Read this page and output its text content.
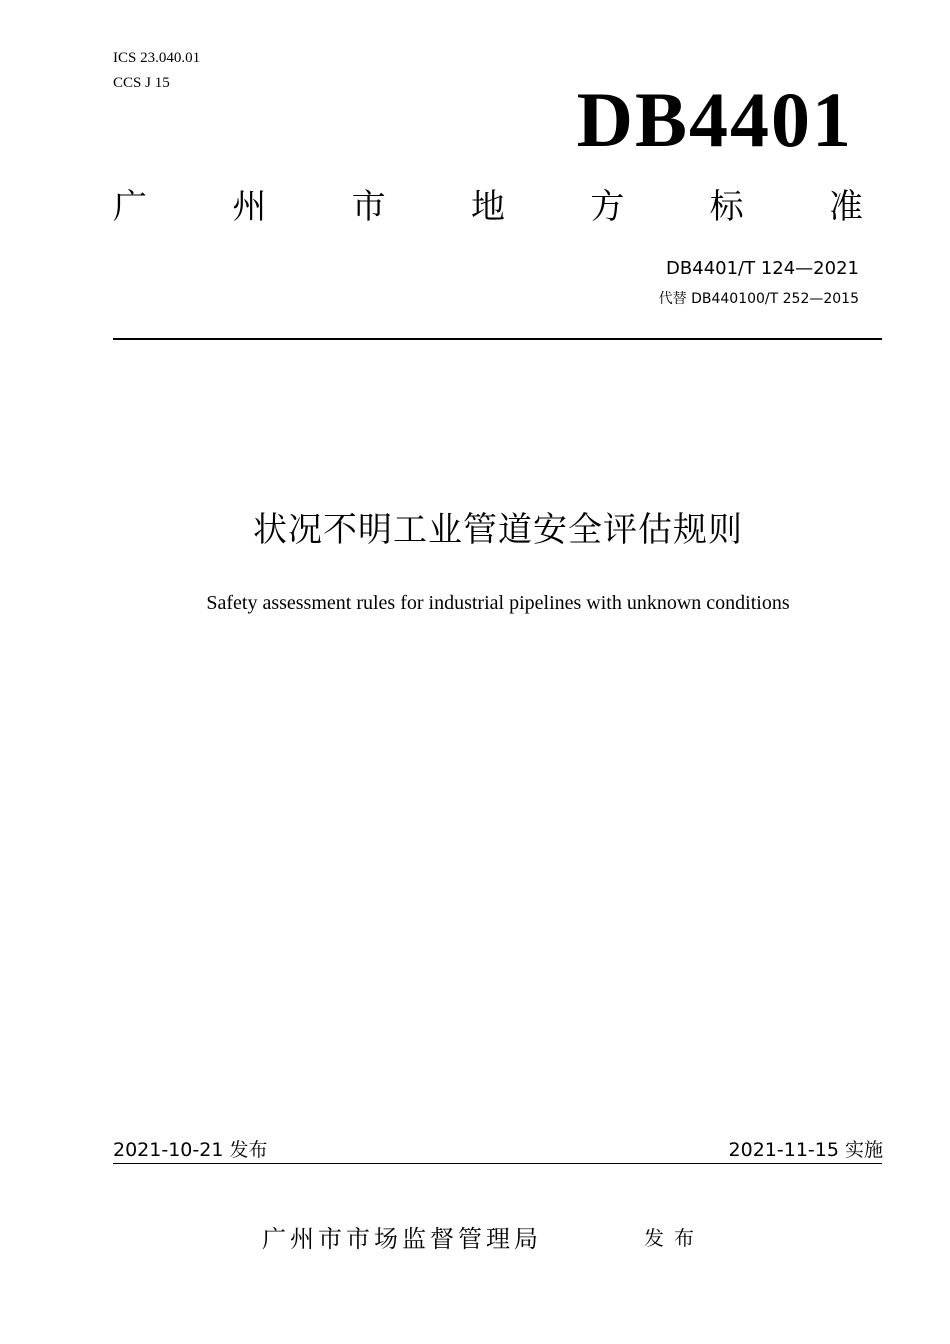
ICS 23.040.01
CCS J 15	DB4401
广	州	市	地	方	标	准
DB4401/T 124—2021
代替 DB440100/T 252—2015
状况不明工业管道安全评估规则
Safety assessment rules for industrial pipelines with unknown conditions
2021-10-21 发布	2021-11-15 实施
广州市市场监督管理局	发布
